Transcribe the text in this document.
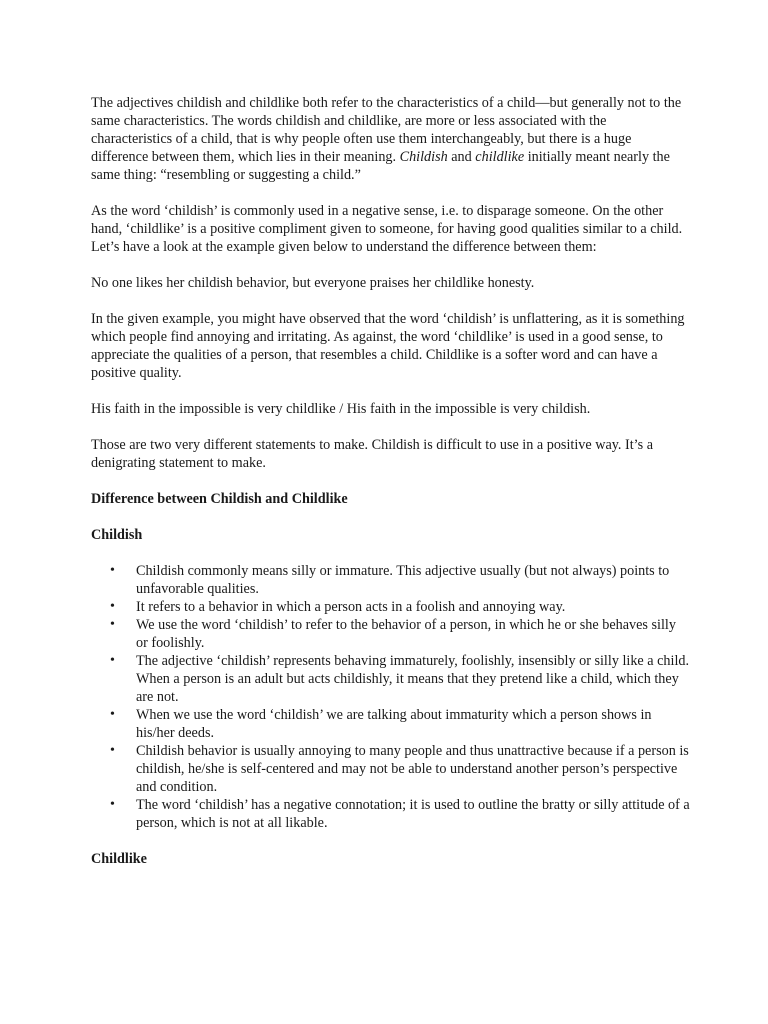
The adjectives childish and childlike both refer to the characteristics of a child—but generally not to the same characteristics. The words childish and childlike, are more or less associated with the characteristics of a child, that is why people often use them interchangeably, but there is a huge difference between them, which lies in their meaning. Childish and childlike initially meant nearly the same thing: “resembling or suggesting a child.”

As the word ‘childish’ is commonly used in a negative sense, i.e. to disparage someone. On the other hand, ‘childlike’ is a positive compliment given to someone, for having good qualities similar to a child. Let’s have a look at the example given below to understand the difference between them:

No one likes her childish behavior, but everyone praises her childlike honesty.

In the given example, you might have observed that the word ‘childish’ is unflattering, as it is something which people find annoying and irritating. As against, the word ‘childlike’ is used in a good sense, to appreciate the qualities of a person, that resembles a child. Childlike is a softer word and can have a positive quality.

His faith in the impossible is very childlike / His faith in the impossible is very childish.

Those are two very different statements to make. Childish is difficult to use in a positive way. It’s a denigrating statement to make.

Difference between Childish and Childlike
Childish
• Childish commonly means silly or immature. This adjective usually (but not always) points to unfavorable qualities.
• It refers to a behavior in which a person acts in a foolish and annoying way.
• We use the word ‘childish’ to refer to the behavior of a person, in which he or she behaves silly or foolishly.
• The adjective ‘childish’ represents behaving immaturely, foolishly, insensibly or silly like a child. When a person is an adult but acts childishly, it means that they pretend like a child, which they are not.
• When we use the word ‘childish’ we are talking about immaturity which a person shows in his/her deeds.
• Childish behavior is usually annoying to many people and thus unattractive because if a person is childish, he/she is self-centered and may not be able to understand another person’s perspective and condition.
• The word ‘childish’ has a negative connotation; it is used to outline the bratty or silly attitude of a person, which is not at all likable.
Childlike
